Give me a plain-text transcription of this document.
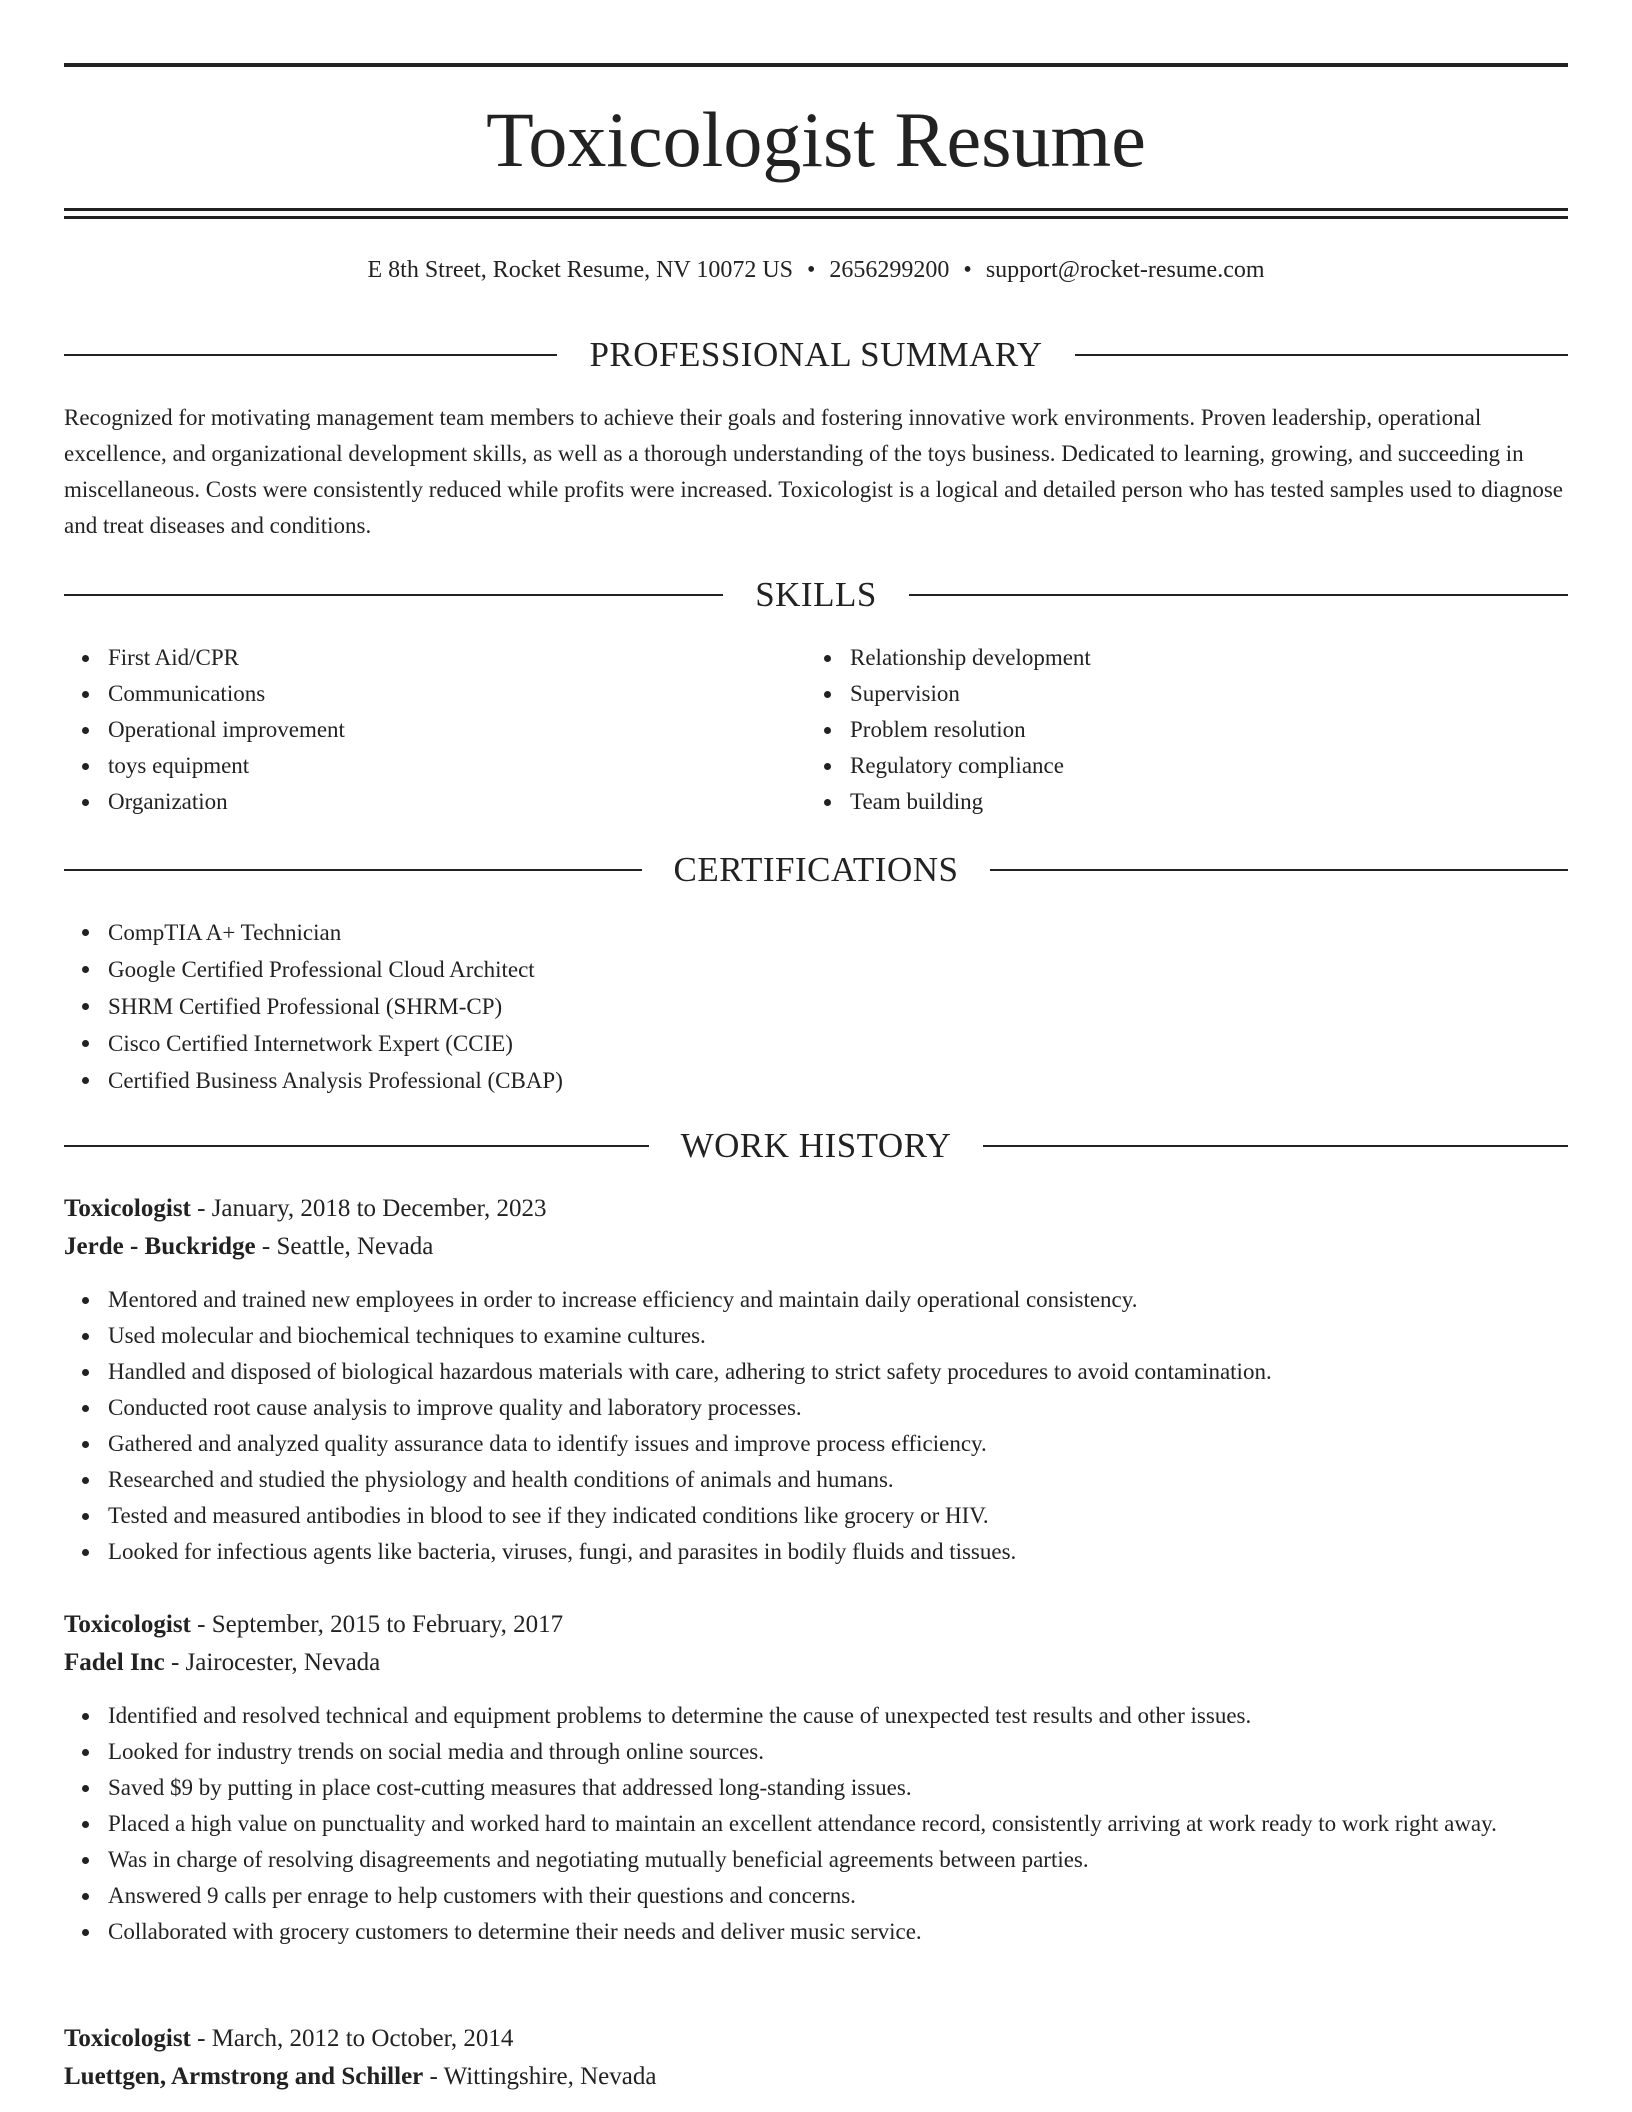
Toxicologist Resume
E 8th Street, Rocket Resume, NV 10072 US • 2656299200 • support@rocket-resume.com
PROFESSIONAL SUMMARY

Recognized for motivating management team members to achieve their goals and fostering innovative work environments. Proven leadership, operational excellence, and organizational development skills, as well as a thorough understanding of the toys business. Dedicated to learning, growing, and succeeding in miscellaneous. Costs were consistently reduced while profits were increased. Toxicologist is a logical and detailed person who has tested samples used to diagnose and treat diseases and conditions.

SKILLS
First Aid/CPR
Communications
Operational improvement
toys equipment
Organization
Relationship development
Supervision
Problem resolution
Regulatory compliance
Team building
CERTIFICATIONS
CompTIA A+ Technician
Google Certified Professional Cloud Architect
SHRM Certified Professional (SHRM-CP)
Cisco Certified Internetwork Expert (CCIE)
Certified Business Analysis Professional (CBAP)
WORK HISTORY
Toxicologist - January, 2018 to December, 2023
Jerde - Buckridge - Seattle, Nevada
Mentored and trained new employees in order to increase efficiency and maintain daily operational consistency.
Used molecular and biochemical techniques to examine cultures.
Handled and disposed of biological hazardous materials with care, adhering to strict safety procedures to avoid contamination.
Conducted root cause analysis to improve quality and laboratory processes.
Gathered and analyzed quality assurance data to identify issues and improve process efficiency.
Researched and studied the physiology and health conditions of animals and humans.
Tested and measured antibodies in blood to see if they indicated conditions like grocery or HIV.
Looked for infectious agents like bacteria, viruses, fungi, and parasites in bodily fluids and tissues.
Toxicologist - September, 2015 to February, 2017
Fadel Inc - Jairocester, Nevada
Identified and resolved technical and equipment problems to determine the cause of unexpected test results and other issues.
Looked for industry trends on social media and through online sources.
Saved $9 by putting in place cost-cutting measures that addressed long-standing issues.
Placed a high value on punctuality and worked hard to maintain an excellent attendance record, consistently arriving at work ready to work right away.
Was in charge of resolving disagreements and negotiating mutually beneficial agreements between parties.
Answered 9 calls per enrage to help customers with their questions and concerns.
Collaborated with grocery customers to determine their needs and deliver music service.
Toxicologist - March, 2012 to October, 2014
Luettgen, Armstrong and Schiller - Wittingshire, Nevada
